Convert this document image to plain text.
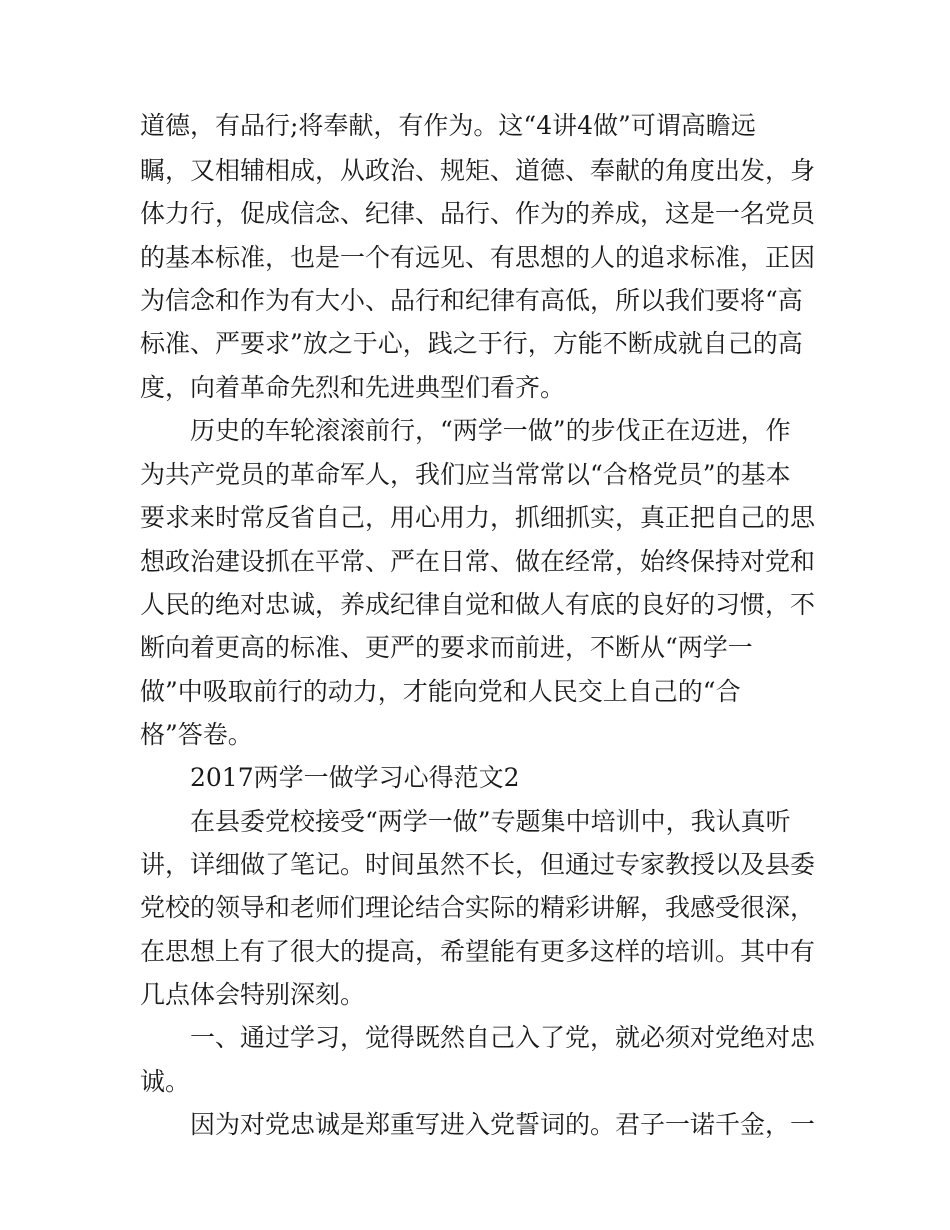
道德，有品行;将奉献，有作为。这“4讲4做”可谓高瞻远

瞩，又相辅相成，从政治、规矩、道德、奉献的角度出发，身

体力行，促成信念、纪律、品行、作为的养成，这是一名党员

的基本标准，也是一个有远见、有思想的人的追求标准，正因

为信念和作为有大小、品行和纪律有高低，所以我们要将“高

标准、严要求”放之于心，践之于行，方能不断成就自己的高

度，向着革命先烈和先进典型们看齐。

历史的车轮滚滚前行，“两学一做”的步伐正在迈进，作

为共产党员的革命军人，我们应当常常以“合格党员”的基本

要求来时常反省自己，用心用力，抓细抓实，真正把自己的思

想政治建设抓在平常、严在日常、做在经常，始终保持对党和

人民的绝对忠诚，养成纪律自觉和做人有底的良好的习惯，不

断向着更高的标准、更严的要求而前进，不断从“两学一

做”中吸取前行的动力，才能向党和人民交上自己的“合

格”答卷。

2017两学一做学习心得范文2

在县委党校接受“两学一做”专题集中培训中，我认真听

讲，详细做了笔记。时间虽然不长，但通过专家教授以及县委

党校的领导和老师们理论结合实际的精彩讲解，我感受很深，

在思想上有了很大的提高，希望能有更多这样的培训。其中有

几点体会特别深刻。

一、通过学习，觉得既然自己入了党，就必须对党绝对忠

诚。

因为对党忠诚是郑重写进入党誓词的。君子一诺千金，一
